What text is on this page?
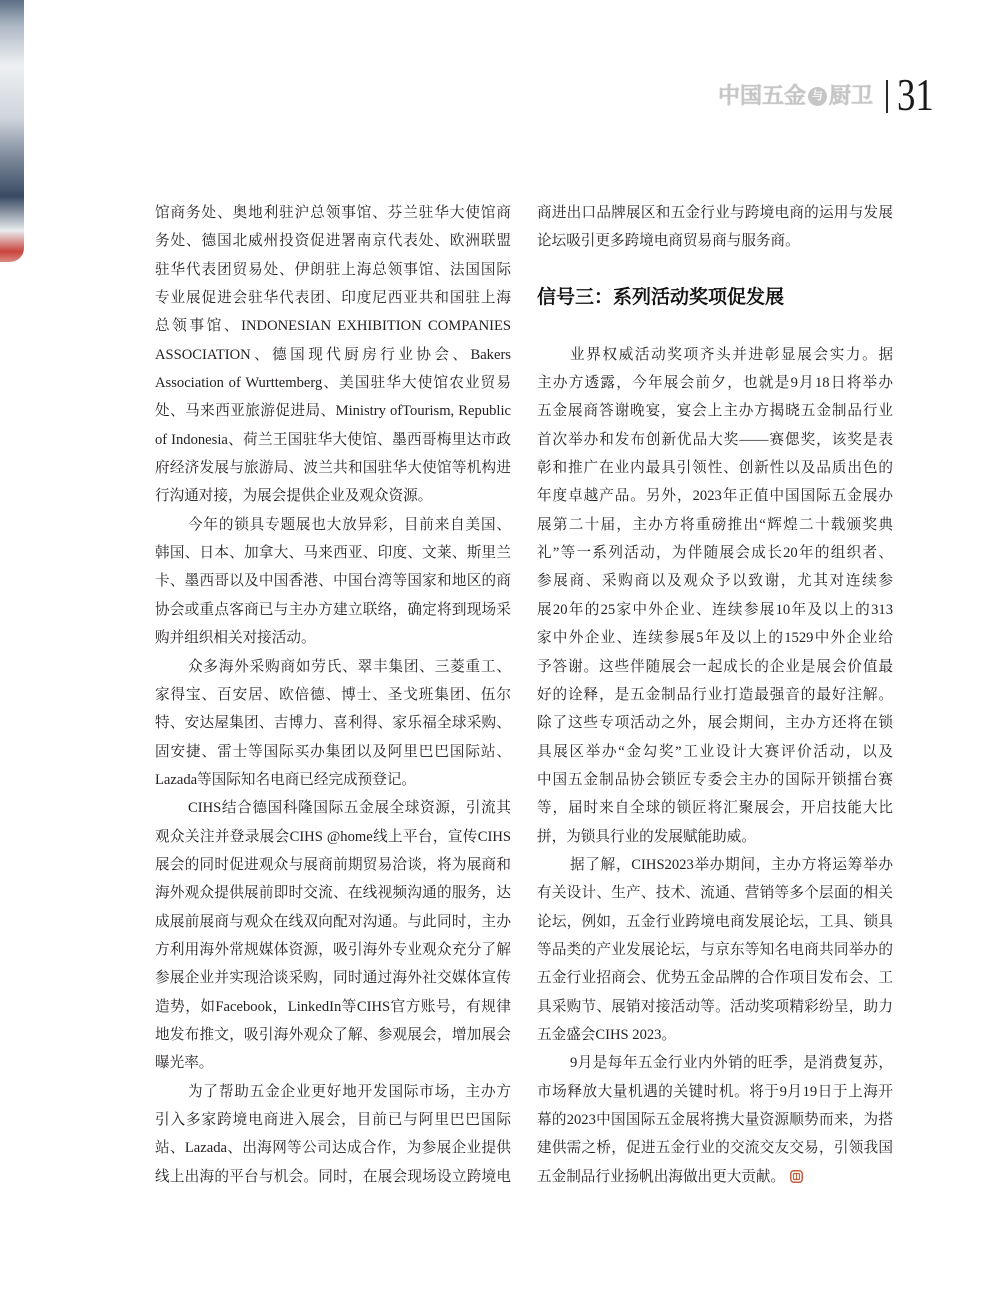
中国五金 与 厨卫 31
馆商务处、奥地利驻沪总领事馆、芬兰驻华大使馆商
务处、德国北威州投资促进署南京代表处、欧洲联盟
驻华代表团贸易处、伊朗驻上海总领事馆、法国国际
专业展促进会驻华代表团、印度尼西亚共和国驻上海
总领事馆、INDONESIAN EXHIBITION COMPANIES
ASSOCIATION、德国现代厨房行业协会、Bakers
Association of Wurttemberg、美国驻华大使馆农业贸易
处、马来西亚旅游促进局、Ministry ofTourism, Republic
of Indonesia、荷兰王国驻华大使馆、墨西哥梅里达市政
府经济发展与旅游局、波兰共和国驻华大使馆等机构进
行沟通对接，为展会提供企业及观众资源。
今年的锁具专题展也大放异彩，目前来自美国、
韩国、日本、加拿大、马来西亚、印度、文莱、斯里兰
卡、墨西哥以及中国香港、中国台湾等国家和地区的商
协会或重点客商已与主办方建立联络，确定将到现场采
购并组织相关对接活动。
众多海外采购商如劳氏、翠丰集团、三菱重工、
家得宝、百安居、欧倍德、博士、圣戈班集团、伍尔
特、安达屋集团、吉博力、喜利得、家乐福全球采购、
固安捷、雷士等国际买办集团以及阿里巴巴国际站、
Lazada等国际知名电商已经完成预登记。
CIHS结合德国科隆国际五金展全球资源，引流其
观众关注并登录展会CIHS @home线上平台，宣传CIHS
展会的同时促进观众与展商前期贸易洽谈，将为展商和
海外观众提供展前即时交流、在线视频沟通的服务，达
成展前展商与观众在线双向配对沟通。与此同时，主办
方利用海外常规媒体资源，吸引海外专业观众充分了解
参展企业并实现洽谈采购，同时通过海外社交媒体宣传
造势，如Facebook，LinkedIn等CIHS官方账号，有规律
地发布推文，吸引海外观众了解、参观展会，增加展会
曝光率。
为了帮助五金企业更好地开发国际市场，主办方
引入多家跨境电商进入展会，目前已与阿里巴巴国际
站、Lazada、出海网等公司达成合作，为参展企业提供
线上出海的平台与机会。同时，在展会现场设立跨境电
商进出口品牌展区和五金行业与跨境电商的运用与发展
论坛吸引更多跨境电商贸易商与服务商。
信号三：系列活动奖项促发展
业界权威活动奖项齐头并进彰显展会实力。据
主办方透露，今年展会前夕，也就是9月18日将举办
五金展商答谢晚宴，宴会上主办方揭晓五金制品行业
首次举办和发布创新优品大奖——赛偲奖，该奖是表
彰和推广在业内最具引领性、创新性以及品质出色的
年度卓越产品。另外，2023年正值中国国际五金展办
展第二十届，主办方将重磅推出“辉煌二十载颁奖典
礼”等一系列活动，为伴随展会成长20年的组织者、
参展商、采购商以及观众予以致谢，尤其对连续参
展20年的25家中外企业、连续参展10年及以上的313
家中外企业、连续参展5年及以上的1529中外企业给
予答谢。这些伴随展会一起成长的企业是展会价值最
好的诠释，是五金制品行业打造最强音的最好注解。
除了这些专项活动之外，展会期间，主办方还将在锁
具展区举办“金勾奖”工业设计大赛评价活动，以及
中国五金制品协会锁匠专委会主办的国际开锁擂台赛
等，届时来自全球的锁匠将汇聚展会，开启技能大比
拼，为锁具行业的发展赋能助威。
据了解，CIHS2023举办期间，主办方将运筹举办
有关设计、生产、技术、流通、营销等多个层面的相关
论坛，例如，五金行业跨境电商发展论坛，工具、锁具
等品类的产业发展论坛，与京东等知名电商共同举办的
五金行业招商会、优势五金品牌的合作项目发布会、工
具采购节、展销对接活动等。活动奖项精彩纷呈，助力
五金盛会CIHS 2023。
9月是每年五金行业内外销的旺季，是消费复苏，
市场释放大量机遇的关键时机。将于9月19日于上海开
幕的2023中国国际五金展将携大量资源顺势而来，为搭
建供需之桥，促进五金行业的交流交友交易，引领我国
五金制品行业扬帆出海做出更大贡献。
